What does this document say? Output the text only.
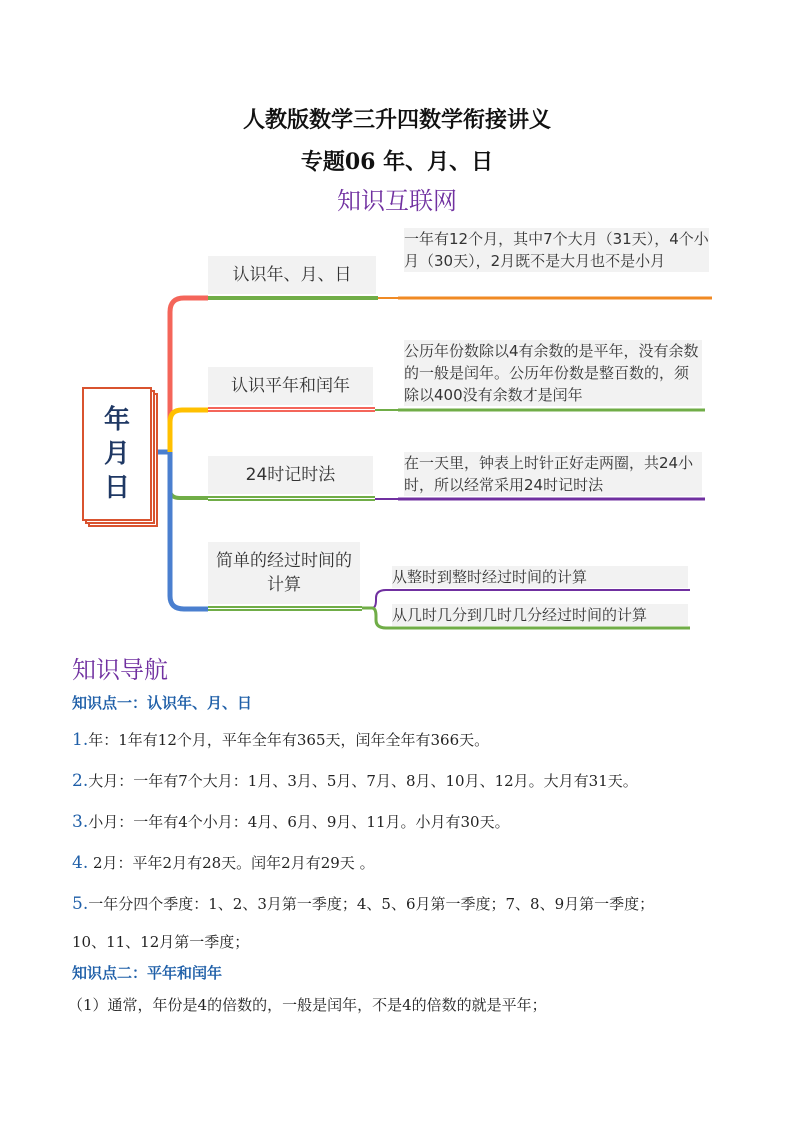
人教版数学三升四数学衔接讲义
专题06 年、月、日
知识互联网
年
月
日
认识年、月、日
认识平年和闰年
24时记时法
简单的经过时间的计算
一年有12个月，其中7个大月（31天），4个小月（30天），2月既不是大月也不是小月
公历年份数除以4有余数的是平年，没有余数的一般是闰年。公历年份数是整百数的，须除以400没有余数才是闰年
在一天里，钟表上时针正好走两圈，共24小时，所以经常采用24时记时法
从整时到整时经过时间的计算
从几时几分到几时几分经过时间的计算
知识导航
知识点一：认识年、月、日
1.年：1年有12个月，平年全年有365天，闰年全年有366天。
2.大月：一年有7个大月：1月、3月、5月、7月、8月、10月、12月。大月有31天。
3.小月：一年有4个小月：4月、6月、9月、11月。小月有30天。
4. 2月：平年2月有28天。闰年2月有29天 。
5.一年分四个季度：1、2、3月第一季度；4、5、6月第一季度；7、8、9月第一季度；
10、11、12月第一季度；
知识点二：平年和闰年
（1）通常，年份是4的倍数的，一般是闰年，不是4的倍数的就是平年；
